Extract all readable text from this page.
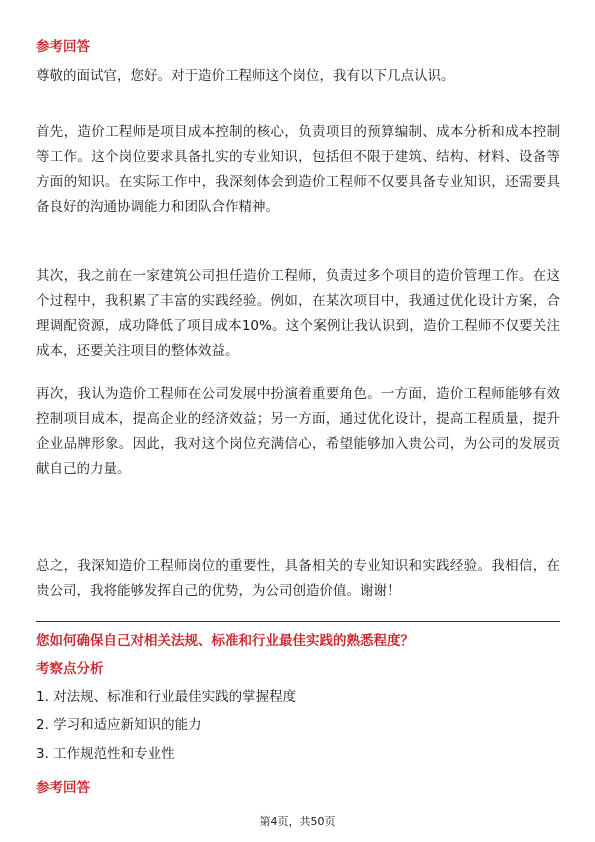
参考回答

尊敬的面试官，您好。对于造价工程师这个岗位，我有以下几点认识。

首先，造价工程师是项目成本控制的核心，负责项目的预算编制、成本分析和成本控制等工作。这个岗位要求具备扎实的专业知识，包括但不限于建筑、结构、材料、设备等方面的知识。在实际工作中，我深刻体会到造价工程师不仅要具备专业知识，还需要具备良好的沟通协调能力和团队合作精神。

其次，我之前在一家建筑公司担任造价工程师，负责过多个项目的造价管理工作。在这个过程中，我积累了丰富的实践经验。例如，在某次项目中，我通过优化设计方案，合理调配资源，成功降低了项目成本10%。这个案例让我认识到，造价工程师不仅要关注成本，还要关注项目的整体效益。

再次，我认为造价工程师在公司发展中扮演着重要角色。一方面，造价工程师能够有效控制项目成本，提高企业的经济效益；另一方面，通过优化设计，提高工程质量，提升企业品牌形象。因此，我对这个岗位充满信心，希望能够加入贵公司，为公司的发展贡献自己的力量。

总之，我深知造价工程师岗位的重要性，具备相关的专业知识和实践经验。我相信，在贵公司，我将能够发挥自己的优势，为公司创造价值。谢谢！

您如何确保自己对相关法规、标准和行业最佳实践的熟悉程度？

考察点分析

1. 对法规、标准和行业最佳实践的掌握程度

2. 学习和适应新知识的能力

3. 工作规范性和专业性

参考回答

第4页，共50页
